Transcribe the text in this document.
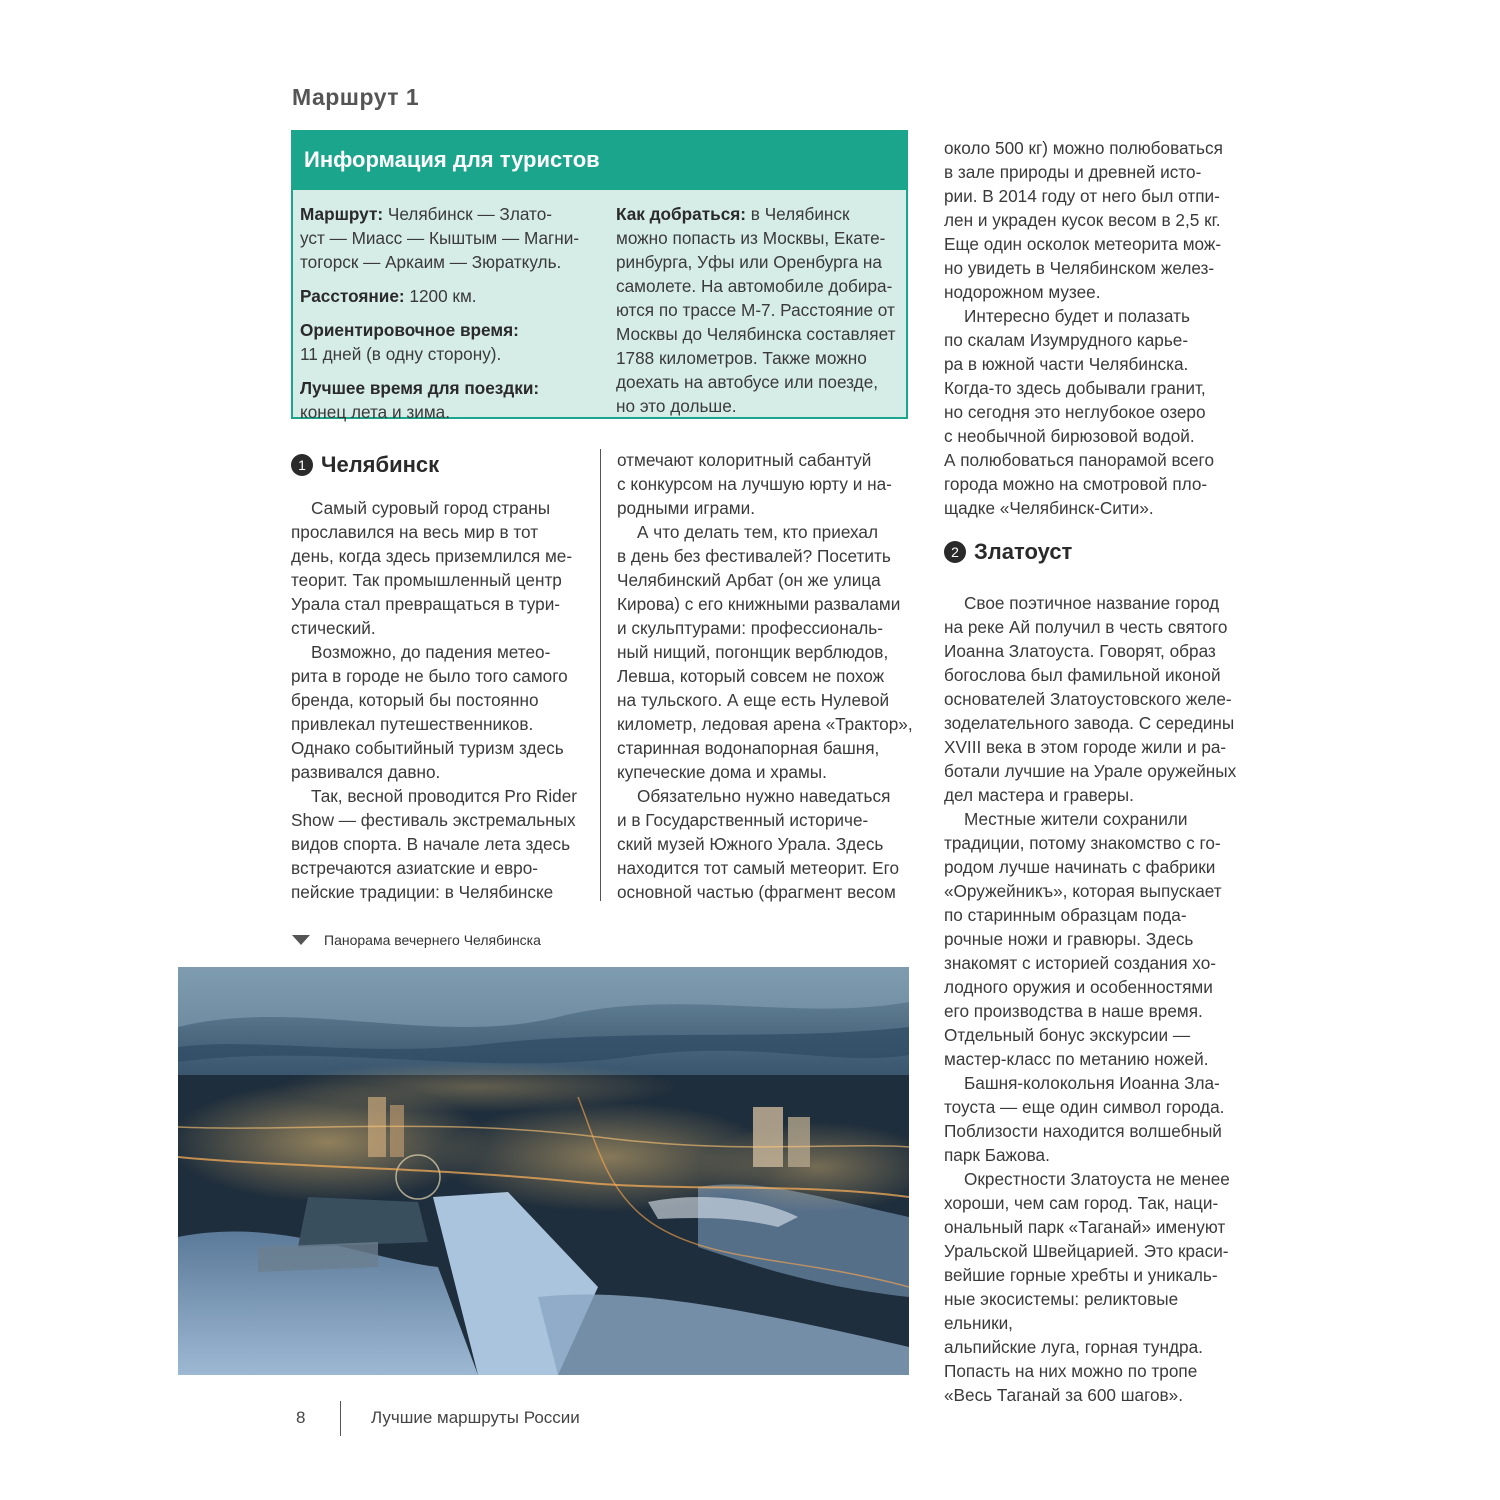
Маршрут 1
Информация для туристов

Маршрут: Челябинск — Злато-

уст — Миасс — Кыштым — Магни-

тогорск — Аркаим — Зюраткуль.

Расстояние: 1200 км.

Ориентировочное время:

11 дней (в одну сторону).

Лучшее время для поездки:

конец лета и зима.

Как добраться: в Челябинск

можно попасть из Москвы, Екате-

ринбурга, Уфы или Оренбурга на

самолете. На автомобиле добира-

ются по трассе М-7. Расстояние от

Москвы до Челябинска составляет

1788 километров. Также можно

доехать на автобусе или поезде,

но это дольше.

1 Челябинск

Самый суровый город страны

прославился на весь мир в тот

день, когда здесь приземлился ме-

теорит. Так промышленный центр

Урала стал превращаться в тури-

стический.

Возможно, до падения метео-

рита в городе не было того самого

бренда, который бы постоянно

привлекал путешественников.

Однако событийный туризм здесь

развивался давно.

Так, весной проводится Pro Rider

Show — фестиваль экстремальных

видов спорта. В начале лета здесь

встречаются азиатские и евро-

пейские традиции: в Челябинске

отмечают колоритный сабантуй

с конкурсом на лучшую юрту и на-

родными играми.

А что делать тем, кто приехал

в день без фестивалей? Посетить

Челябинский Арбат (он же улица

Кирова) с его книжными развалами

и скульптурами: профессиональ-

ный нищий, погонщик верблюдов,

Левша, который совсем не похож

на тульского. А еще есть Нулевой

километр, ледовая арена «Трактор»,

старинная водонапорная башня,

купеческие дома и храмы.

Обязательно нужно наведаться

и в Государственный историче-

ский музей Южного Урала. Здесь

находится тот самый метеорит. Его

основной частью (фрагмент весом

около 500 кг) можно полюбоваться

в зале природы и древней исто-

рии. В 2014 году от него был отпи-

лен и украден кусок весом в 2,5 кг.

Еще один осколок метеорита мож-

но увидеть в Челябинском желез-

нодорожном музее.

Интересно будет и полазать

по скалам Изумрудного карье-

ра в южной части Челябинска.

Когда-то здесь добывали гранит,

но сегодня это неглубокое озеро

с необычной бирюзовой водой.

А полюбоваться панорамой всего

города можно на смотровой пло-

щадке «Челябинск-Сити».

2 Златоуст

Свое поэтичное название город

на реке Ай получил в честь святого

Иоанна Златоуста. Говорят, образ

богослова был фамильной иконой

основателей Златоустовского желе-

зоделательного завода. С середины

XVIII века в этом городе жили и ра-

ботали лучшие на Урале оружейных

дел мастера и граверы.

Местные жители сохранили

традиции, потому знакомство с го-

родом лучше начинать с фабрики

«Оружейникъ», которая выпускает

по старинным образцам пода-

рочные ножи и гравюры. Здесь

знакомят с историей создания хо-

лодного оружия и особенностями

его производства в наше время.

Отдельный бонус экскурсии —

мастер-класс по метанию ножей.

Башня-колокольня Иоанна Зла-

тоуста — еще один символ города.

Поблизости находится волшебный

парк Бажова.

Окрестности Златоуста не менее

хороши, чем сам город. Так, наци-

ональный парк «Таганай» именуют

Уральской Швейцарией. Это краси-

вейшие горные хребты и уникаль-

ные экосистемы: реликтовые ельники,

альпийские луга, горная тундра.

Попасть на них можно по тропе

«Весь Таганай за 600 шагов».

Панорама вечернего Челябинска
8	Лучшие маршруты России
